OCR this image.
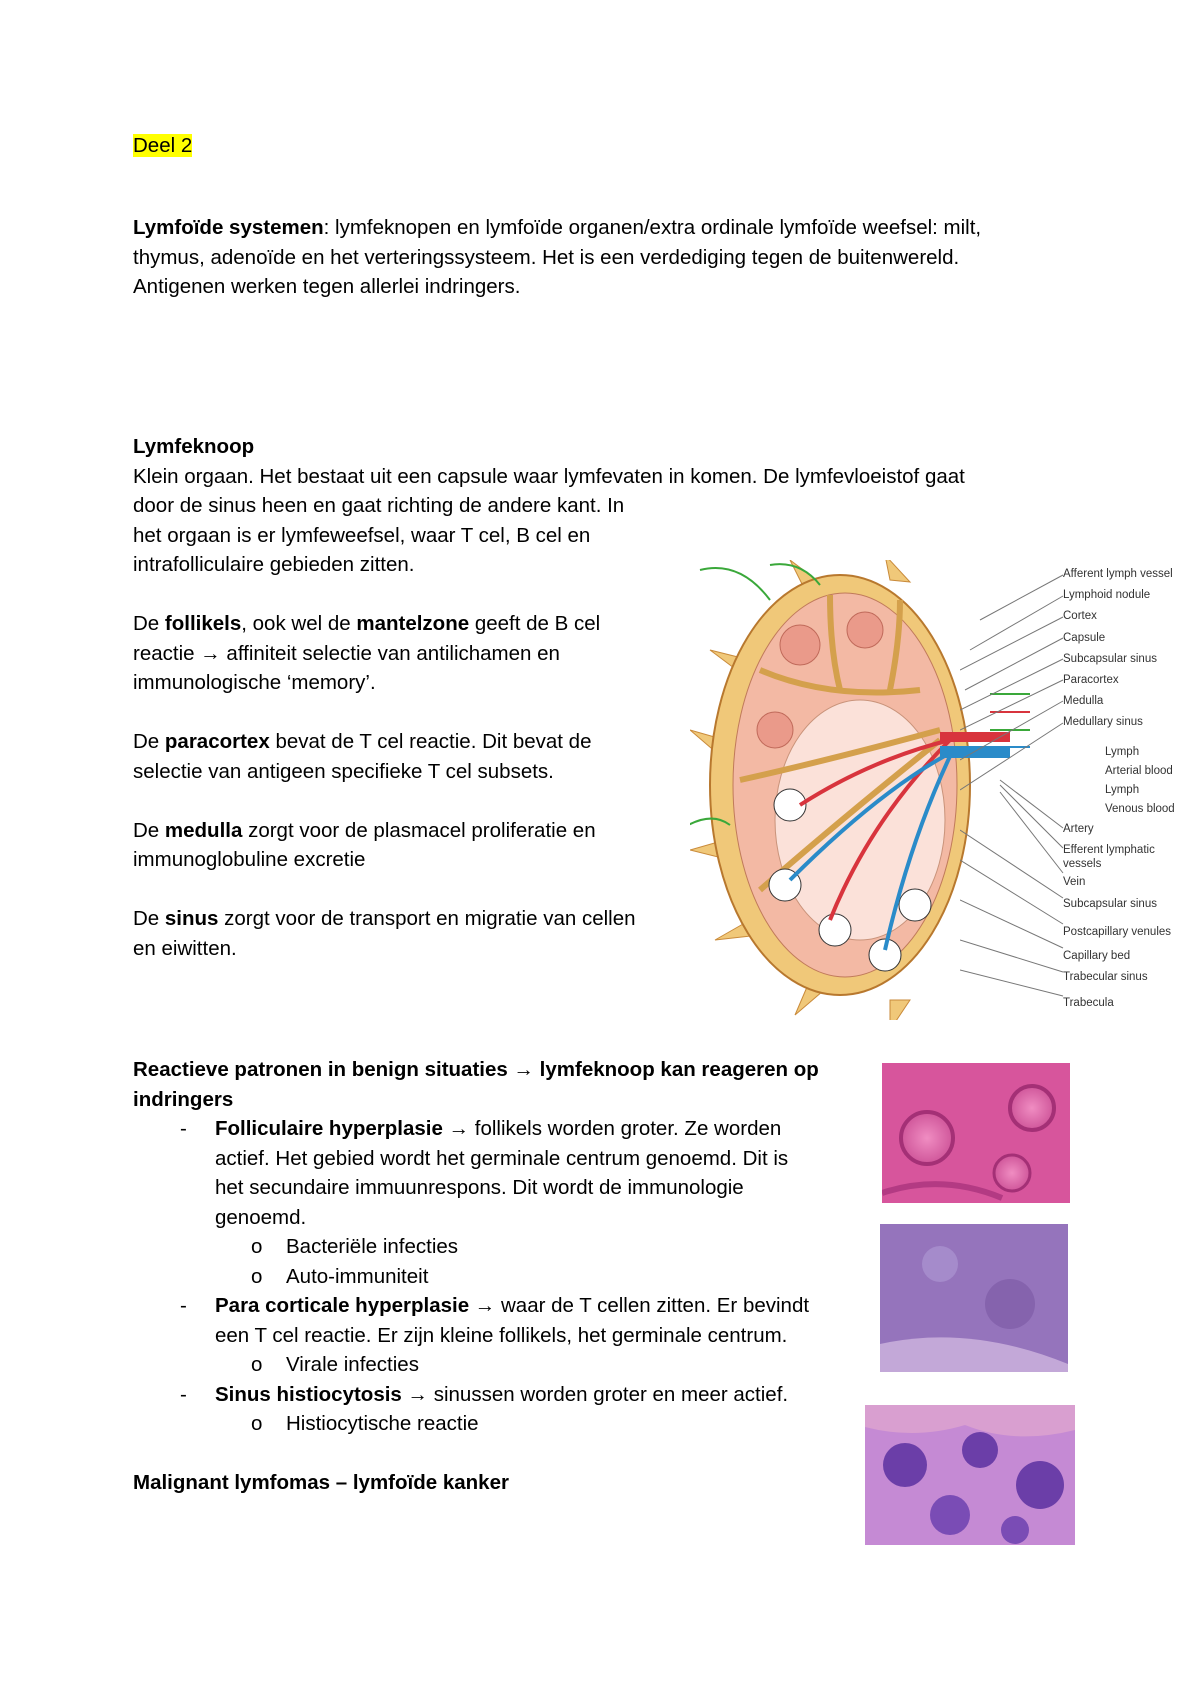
Deel 2

Lymfoïde systemen: lymfeknopen en lymfoïde organen/extra ordinale lymfoïde weefsel: milt,

thymus, adenoïde en het verteringssysteem. Het is een verdediging tegen de buitenwereld.

Antigenen werken tegen allerlei indringers.

Lymfeknoop

Klein orgaan. Het bestaat uit een capsule waar lymfevaten in komen. De lymfevloeistof gaat

door de sinus heen en gaat richting de andere kant. In

het orgaan is er lymfeweefsel, waar T cel, B cel en

intrafolliculaire gebieden zitten.

De follikels, ook wel de mantelzone geeft de B cel

reactie → affiniteit selectie van antilichamen en

immunologische ‘memory’.

De paracortex bevat de T cel reactie. Dit bevat de

selectie van antigeen specifieke T cel subsets.

De medulla zorgt voor de plasmacel proliferatie en

immunoglobuline excretie

De sinus zorgt voor de transport en migratie van cellen

en eiwitten.

Afferent lymph vessel
Lymphoid nodule
Cortex
Capsule
Subcapsular sinus
Paracortex
Medulla
Medullary sinus
Lymph
Arterial blood
Lymph
Venous blood
Artery
Efferent lymphatic
vessels
Vein
Subcapsular sinus
Postcapillary venules
Capillary bed
Trabecular sinus
Trabecula

Reactieve patronen in benign situaties → lymfeknoop kan reageren op

indringers

- Folliculaire hyperplasie → follikels worden groter. Ze worden

actief. Het gebied wordt het germinale centrum genoemd. Dit is

het secundaire immuunrespons. Dit wordt de immunologie

genoemd.

o Bacteriële infecties

o Auto-immuniteit

- Para corticale hyperplasie → waar de T cellen zitten. Er bevindt

een T cel reactie. Er zijn kleine follikels, het germinale centrum.

o Virale infecties

- Sinus histiocytosis → sinussen worden groter en meer actief.

o Histiocytische reactie

Malignant lymfomas – lymfoïde kanker
